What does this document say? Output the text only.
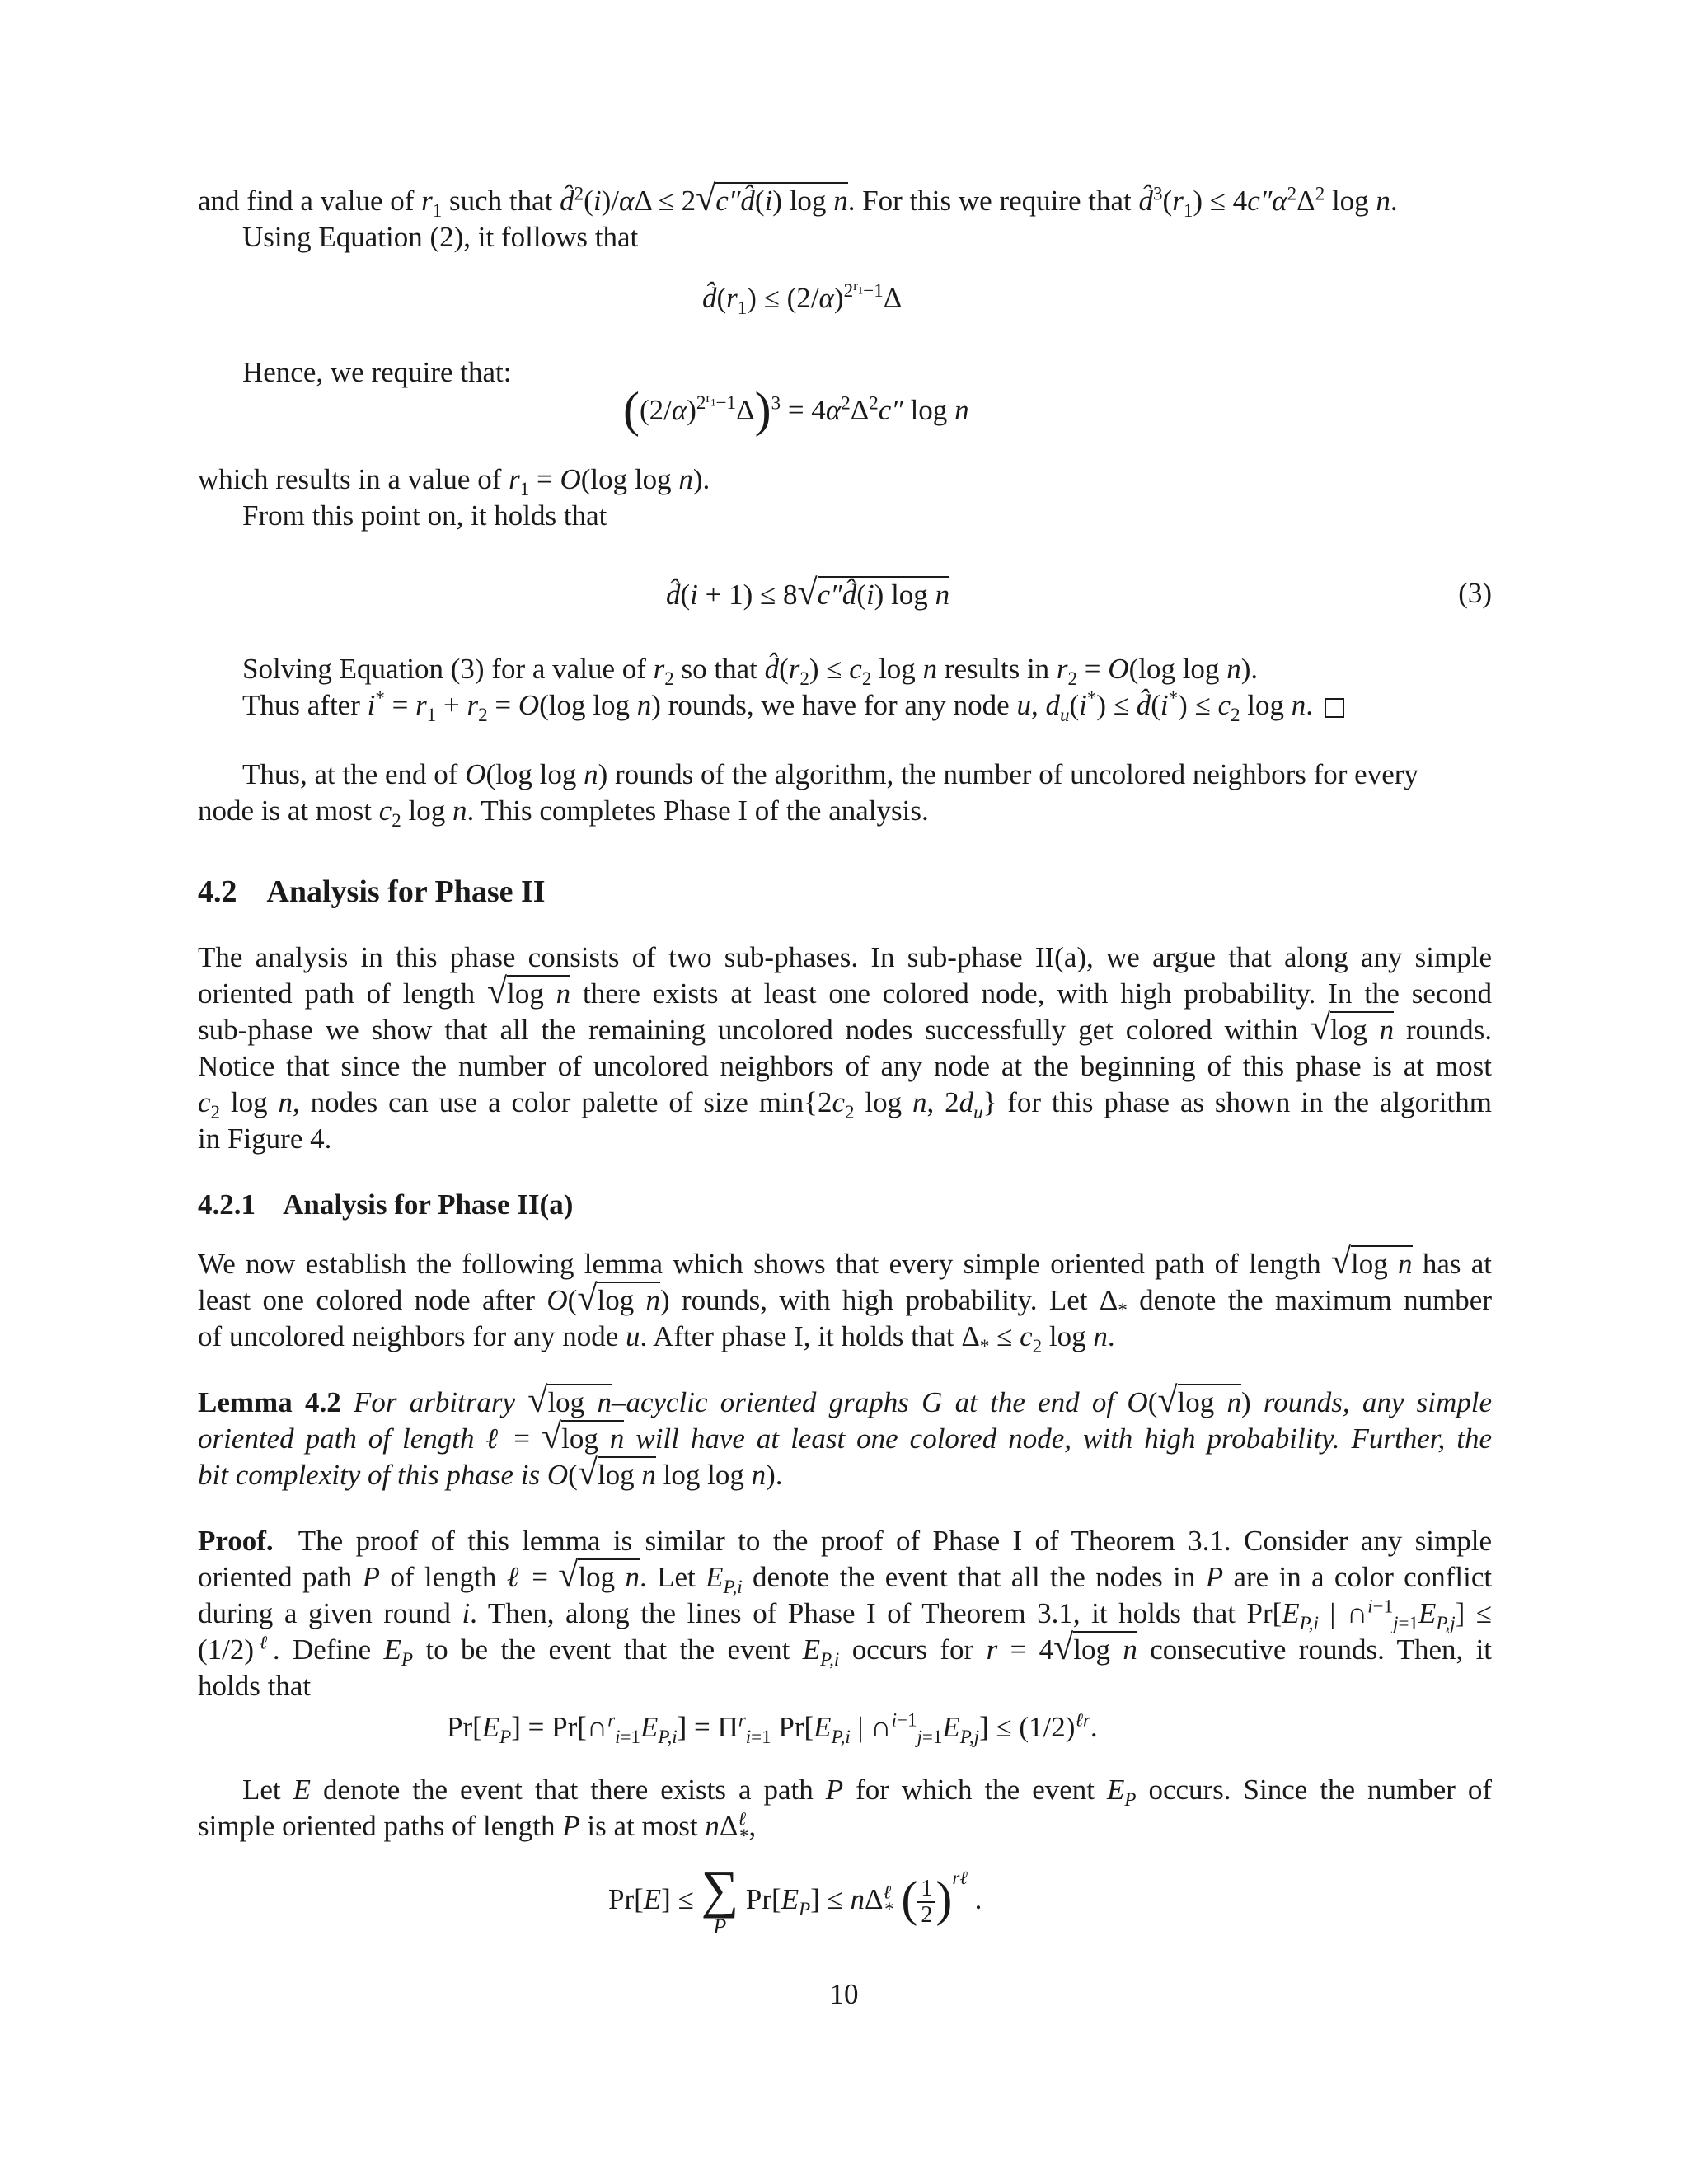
and find a value of $r_1$ such that d̂$^2$(i)/αΔ ≤ 2√c″d̂(i) log n. For this we require that $d̂^3(r_1) \le 4c''\alpha^2\Delta^2$ log n.
Using Equation (2), it follows that
$d̂(r_1) \le (2/\alpha)^{2^{r_1}-1}\Delta$
Hence, we require that:
$((2/\alpha)^{2^{r_1}-1}\Delta)^3 = 4\alpha^2\Delta^2c''$ log n
which results in a value of $r_1 = O(\log$ log n).
From this point on, it holds that
d̂(i + 1) ≤ 8√c″d̂(i) log n	(3)
Solving Equation (3) for a value of $r_2$ so that $d̂(r_2) \le c_2$ log n results in $r_2 = O(\log$ log n).
Thus after $i^* = r_1 + r_2 = O(\log$ log n) rounds, we have for any node u, $d_u(i^*)$ ≤ d̂(i*) ≤ $c_2$ log n.
Thus, at the end of O(log log n) rounds of the algorithm, the number of uncolored neighbors for every
node is at most $c_2$ log n. This completes Phase I of the analysis.
4.2 Analysis for Phase II
The analysis in this phase consists of two sub-phases. In sub-phase II(a), we argue that along any simple
oriented path of length √log n there exists at least one colored node, with high probability. In the second
sub-phase we show that all the remaining uncolored nodes successfully get colored within √log n rounds.
Notice that since the number of uncolored neighbors of any node at the beginning of this phase is at most
$c_2$ log n, nodes can use a color palette of size $\min\{2c_2$ log n, $2d_u$} for this phase as shown in the algorithm
in Figure 4.
4.2.1 Analysis for Phase II(a)
We now establish the following lemma which shows that every simple oriented path of length √log n has at
least one colored node after O(√log n) rounds, with high probability. Let $\Delta_*$ denote the maximum number
of uncolored neighbors for any node u. After phase I, it holds that $\Delta_* \le c_2$ log n.
Lemma 4.2 For arbitrary √log n–acyclic oriented graphs G at the end of O(√log n) rounds, any simple
oriented path of length ℓ = √log n will have at least one colored node, with high probability. Further, the
bit complexity of this phase is O(√log n log log n).
Proof. The proof of this lemma is similar to the proof of Phase I of Theorem 3.1. Consider any simple
oriented path P of length ℓ = √log n. Let $E_{P,i}$ denote the event that all the nodes in P are in a color conflict
during a given round i. Then, along the lines of Phase I of Theorem 3.1, it holds that $Pr[E_{P,i}$ | $\cap^{i-1}_{j=1}E_{P,j}$] ≤
$(1/2)^\ell$. Define $E_P$ to be the event that the event $E_{P,i}$ occurs for r = 4√log n consecutive rounds. Then, it
holds that
$Pr[E_P]$ = $Pr[\cap^r_{i=1}E_{P,i}] = \Pi^r_{i=1}$ $Pr[E_{P,i}$ | $\cap^{i-1}_{j=1}E_{P,j}] \le (1/2)^{\ell r}$.
Let E denote the event that there exists a path P for which the event $E_P$ occurs. Since the number of
simple oriented paths of length P is at most $n\Delta^\ell_*$,
Pr[E] ≤ ∑
P
$Pr[E_P] \le n\Delta^\ell_*$ ( $\frac{1}{2} )^{r\ell}$ .
10
